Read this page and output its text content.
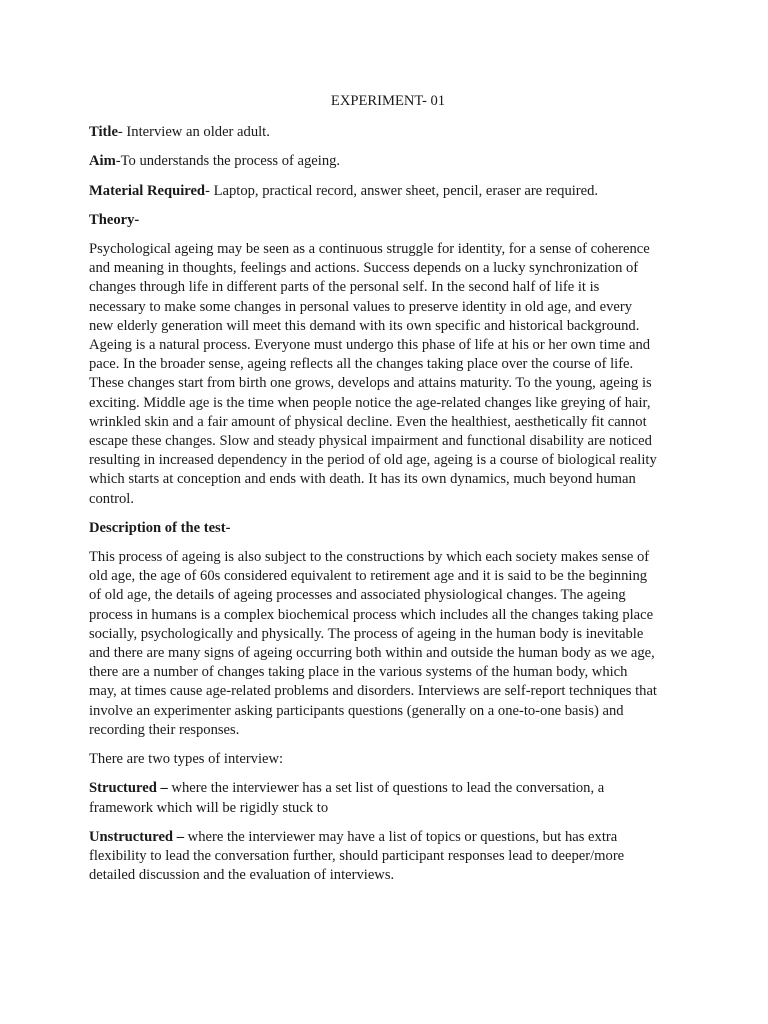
EXPERIMENT- 01
Title- Interview an older adult.
Aim-To understands the process of ageing.
Material Required- Laptop, practical record, answer sheet, pencil, eraser are required.
Theory-
Psychological ageing may be seen as a continuous struggle for identity, for a sense of coherence
and meaning in thoughts, feelings and actions. Success depends on a lucky synchronization of
changes through life in different parts of the personal self. In the second half of life it is
necessary to make some changes in personal values to preserve identity in old age, and every
new elderly generation will meet this demand with its own specific and historical background.
Ageing is a natural process. Everyone must undergo this phase of life at his or her own time and
pace. In the broader sense, ageing reflects all the changes taking place over the course of life.
These changes start from birth one grows, develops and attains maturity. To the young, ageing is
exciting. Middle age is the time when people notice the age-related changes like greying of hair,
wrinkled skin and a fair amount of physical decline. Even the healthiest, aesthetically fit cannot
escape these changes. Slow and steady physical impairment and functional disability are noticed
resulting in increased dependency in the period of old age, ageing is a course of biological reality
which starts at conception and ends with death. It has its own dynamics, much beyond human
control.
Description of the test-
This process of ageing is also subject to the constructions by which each society makes sense of
old age, the age of 60s considered equivalent to retirement age and it is said to be the beginning
of old age, the details of ageing processes and associated physiological changes. The ageing
process in humans is a complex biochemical process which includes all the changes taking place
socially, psychologically and physically. The process of ageing in the human body is inevitable
and there are many signs of ageing occurring both within and outside the human body as we age,
there are a number of changes taking place in the various systems of the human body, which
may, at times cause age-related problems and disorders. Interviews are self-report techniques that
involve an experimenter asking participants questions (generally on a one-to-one basis) and
recording their responses.
There are two types of interview:
Structured – where the interviewer has a set list of questions to lead the conversation, a
framework which will be rigidly stuck to
Unstructured – where the interviewer may have a list of topics or questions, but has extra
flexibility to lead the conversation further, should participant responses lead to deeper/more
detailed discussion and the evaluation of interviews.
